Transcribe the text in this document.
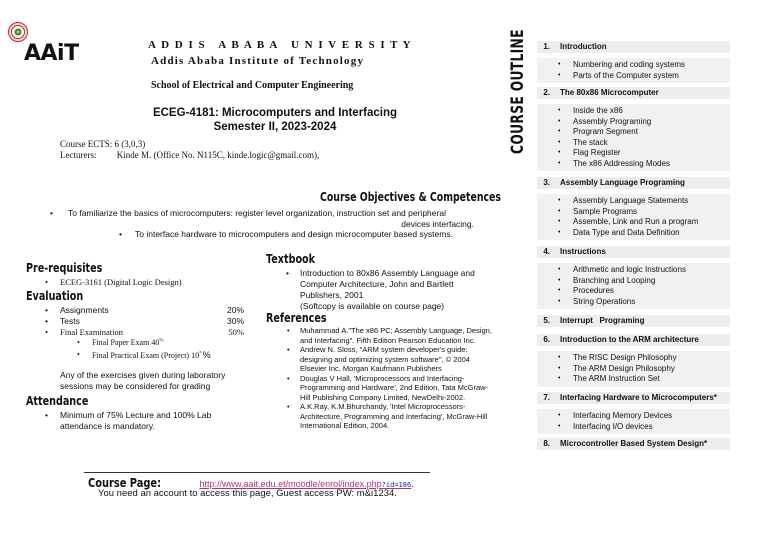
AAiT	A D D I S   A B A B A   U N I V E R S I T Y
Addis Ababa Institute of Technology
School of Electrical and Computer Engineering
ECEG-4181: Microcomputers and Interfacing
Semester II, 2023-2024
Course ECTS: 6 (3,0,3)
Lecturers: Kinde M. (Office No. N115C, kinde.logic@gmail.com),
Course Objectives & Competences
• To familiarize the basics of microcomputers: register level organization, instruction set and peripheral
devices interfacing.
• To interface hardware to microcomputers and design microcomputer based systems.
Pre-requisites
• ECEG-3161 (Digital Logic Design)
Evaluation
• Assignments	20%
• Tests	30%
• Final Examination	50%
• Final Paper Exam 40%
• Final Practical Exam (Project) 10*%
Any of the exercises given during laboratory sessions may be considered for grading
Attendance
• Minimum of 75% Lecture and 100% Lab attendance is mandatory.
Textbook
• Introduction to 80x86 Assembly Language and Computer Architecture, John and Bartlett Publishers, 2001
(Softcopy is available on course page)
References
• Muhammad A."The x86 PC; Assembly Language, Design, and Interfacing". Fifth Edition Pearson Education Inc.
• Andrew N. Sloss, "ARM system developer's guide: designing and optimizing system software", © 2004 Elsevier Inc, Morgan Kaufmann Publishers
• Douglas V Hall, 'Microprocessors and Interfacing- Programming and Hardware', 2nd Edition, Tata McGraw-Hill Publishing Company Limited, NewDelhi-2002.
• A.K.Ray, K.M.Bhurchandy, 'Intel Microprocessors- Architecture, Programming and Interfacing', McGraw-Hill International Edition, 2004.
Course Page:	http://www.aait.edu.et/moodle/enrol/index.php?id=186.
You need an account to access this page, Guest access PW: m&i1234.
COURSE OUTLINE	1. Introduction
• Numbering and coding systems
• Parts of the Computer system
2. The 80x86 Microcomputer
• Inside the x86
• Assembly Programing
• Program Segment
• The stack
• Flag Register
• The x86 Addressing Modes
3. Assembly Language Programing
• Assembly Language Statements
• Sample Programs
• Assemble, Link and Run a program
• Data Type and Data Definition
4. Instructions
• Arithmetic and logic Instructions
• Branching and Looping
• Procedures
• String Operations
5. Interrupt   Programing
6. Introduction to the ARM architecture
• The RISC Design Philosophy
• The ARM Design Philosophy
• The ARM Instruction Set
7. Interfacing Hardware to Microcomputers*
• Interfacing Memory Devices
• Interfacing I/O devices
8. Microcontroller Based System Design*
